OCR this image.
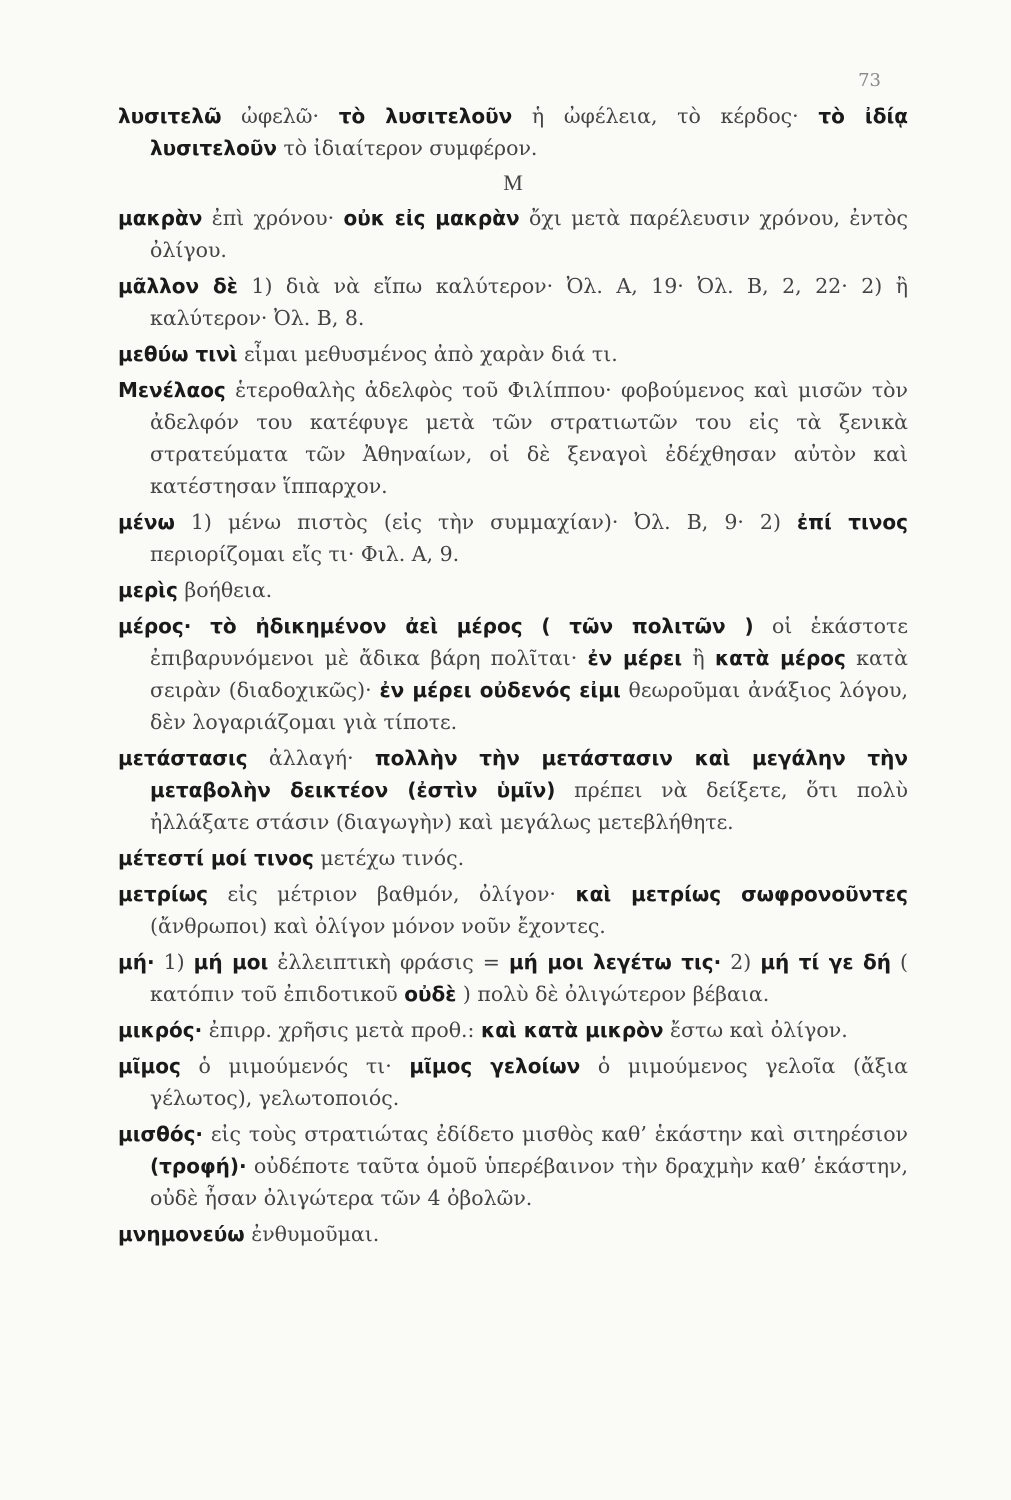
73

λυσιτελῶ ὠφελῶ· τὸ λυσιτελοῦν ἡ ὠφέλεια, τὸ κέρδος· τὸ ἰδίᾳ λυσιτελοῦν τὸ ἰδιαίτερον συμφέρον.

Μ

μακρὰν ἐπὶ χρόνου· οὐκ εἰς μακρὰν ὄχι μετὰ παρέλευσιν χρόνου, ἐντὸς ὀλίγου.

μᾶλλον δὲ 1) διὰ νὰ εἴπω καλύτερον· Ὀλ. Α, 19· Ὀλ. Β, 2, 22· 2) ἢ καλύτερον· Ὀλ. Β, 8.

μεθύω τινὶ εἶμαι μεθυσμένος ἀπὸ χαρὰν διά τι.

Μενέλαος ἑτεροθαλὴς ἀδελφὸς τοῦ Φιλίππου· φοβούμενος καὶ μισῶν τὸν ἀδελφόν του κατέφυγε μετὰ τῶν στρατιωτῶν του εἰς τὰ ξενικὰ στρατεύματα τῶν Ἀθηναίων, οἱ δὲ ξεναγοὶ ἐδέχθησαν αὐτὸν καὶ κατέστησαν ἵππαρχον.

μένω 1) μένω πιστὸς (εἰς τὴν συμμαχίαν)· Ὀλ. Β, 9· 2) ἐπί τινος περιορίζομαι εἴς τι· Φιλ. Α, 9.

μερὶς βοήθεια.

μέρος· τὸ ἠδικημένον ἀεὶ μέρος ( τῶν πολιτῶν ) οἱ ἑκάστοτε ἐπιβαρυνόμενοι μὲ ἄδικα βάρη πολῖται· ἐν μέρει ἢ κατὰ μέρος κατὰ σειρὰν (διαδοχικῶς)· ἐν μέρει οὐδενός εἰμι θεωροῦμαι ἀνάξιος λόγου, δὲν λογαριάζομαι γιὰ τίποτε.

μετάστασις ἀλλαγή· πολλὴν τὴν μετάστασιν καὶ μεγάλην τὴν μεταβολὴν δεικτέον (ἐστὶν ὑμῖν) πρέπει νὰ δείξετε, ὅτι πολὺ ἠλλάξατε στάσιν (διαγωγὴν) καὶ μεγάλως μετεβλήθητε.

μέτεστί μοί τινος μετέχω τινός.

μετρίως εἰς μέτριον βαθμόν, ὀλίγον· καὶ μετρίως σωφρονοῦντες (ἄνθρωποι) καὶ ὀλίγον μόνον νοῦν ἔχοντες.

μή· 1) μή μοι ἐλλειπτικὴ φράσις = μή μοι λεγέτω τις· 2) μή τί γε δή ( κατόπιν τοῦ ἐπιδοτικοῦ οὐδὲ ) πολὺ δὲ ὀλιγώτερον βέβαια.

μικρός· ἐπιρρ. χρῆσις μετὰ προθ.: καὶ κατὰ μικρὸν ἔστω καὶ ὀλίγον.

μῖμος ὁ μιμούμενός τι· μῖμος γελοίων ὁ μιμούμενος γελοῖα (ἄξια γέλωτος), γελωτοποιός.

μισθός· εἰς τοὺς στρατιώτας ἐδίδετο μισθὸς καθ’ ἑκάστην καὶ σιτηρέσιον (τροφή)· οὐδέποτε ταῦτα ὁμοῦ ὑπερέβαινον τὴν δραχμὴν καθ’ ἑκάστην, οὐδὲ ἦσαν ὀλιγώτερα τῶν 4 ὀβολῶν.

μνημονεύω ἐνθυμοῦμαι.
